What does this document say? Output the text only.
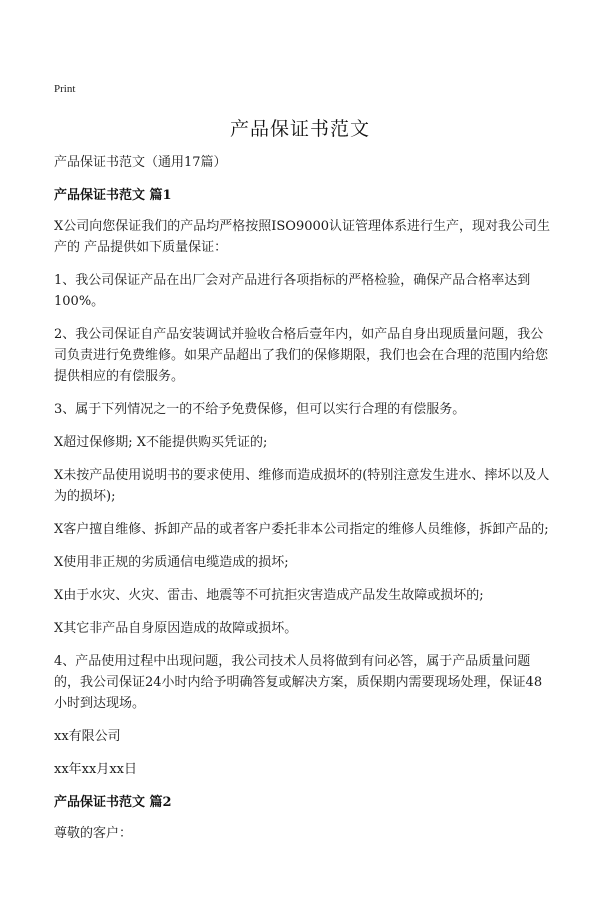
Print
产品保证书范文

产品保证书范文（通用17篇）

产品保证书范文 篇1

X公司向您保证我们的产品均严格按照ISO9000认证管理体系进行生产，现对我公司生产的 产品提供如下质量保证：

1、我公司保证产品在出厂会对产品进行各项指标的严格检验，确保产品合格率达到100%。

2、我公司保证自产品安装调试并验收合格后壹年内，如产品自身出现质量问题，我公司负责进行免费维修。如果产品超出了我们的保修期限，我们也会在合理的范围内给您提供相应的有偿服务。

3、属于下列情况之一的不给予免费保修，但可以实行合理的有偿服务。

X超过保修期; X不能提供购买凭证的;

X未按产品使用说明书的要求使用、维修而造成损坏的(特别注意发生进水、摔坏以及人为的损坏);

X客户擅自维修、拆卸产品的或者客户委托非本公司指定的维修人员维修，拆卸产品的;

X使用非正规的劣质通信电缆造成的损坏;

X由于水灾、火灾、雷击、地震等不可抗拒灾害造成产品发生故障或损坏的;

X其它非产品自身原因造成的故障或损坏。

4、产品使用过程中出现问题，我公司技术人员将做到有问必答，属于产品质量问题的，我公司保证24小时内给予明确答复或解决方案，质保期内需要现场处理，保证48小时到达现场。

xx有限公司

xx年xx月xx日

产品保证书范文 篇2

尊敬的客户：
